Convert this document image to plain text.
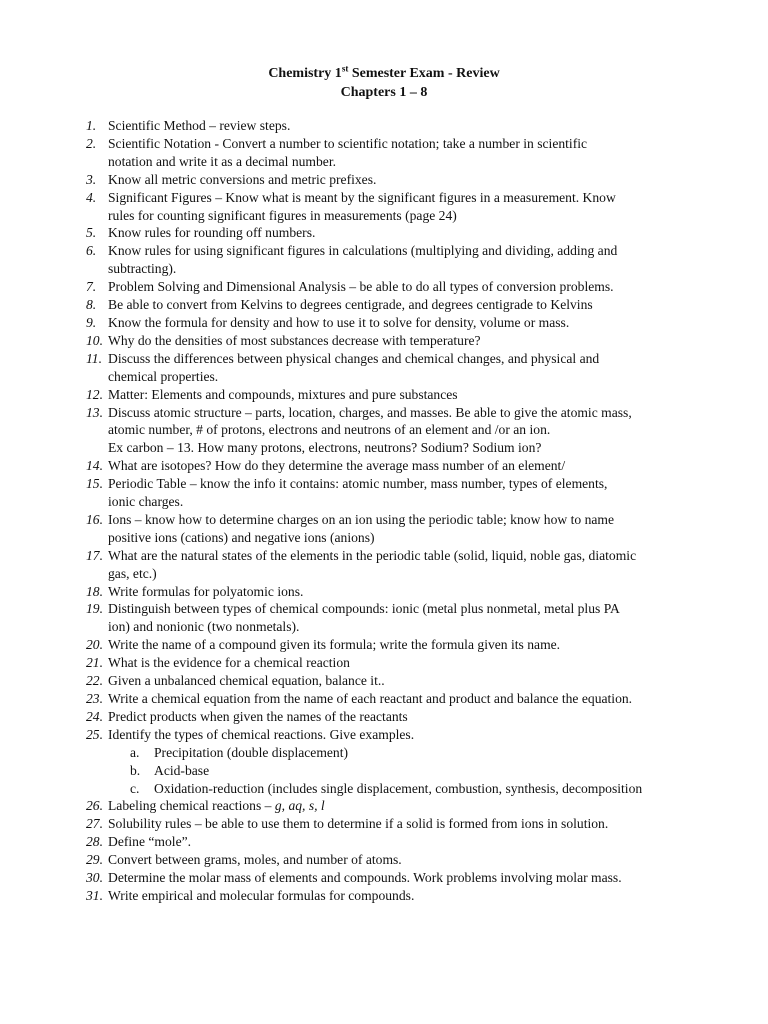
Chemistry 1st Semester Exam - Review
Chapters 1 – 8
1. Scientific Method – review steps.
2. Scientific Notation - Convert a number to scientific notation; take a number in scientific
notation and write it as a decimal number.
3. Know all metric conversions and metric prefixes.
4. Significant Figures – Know what is meant by the significant figures in a measurement. Know
rules for counting significant figures in measurements (page 24)
5. Know rules for rounding off numbers.
6. Know rules for using significant figures in calculations (multiplying and dividing, adding and
subtracting).
7. Problem Solving and Dimensional Analysis – be able to do all types of conversion problems.
8. Be able to convert from Kelvins to degrees centigrade, and degrees centigrade to Kelvins
9. Know the formula for density and how to use it to solve for density, volume or mass.
10. Why do the densities of most substances decrease with temperature?
11. Discuss the differences between physical changes and chemical changes, and physical and
chemical properties.
12. Matter: Elements and compounds, mixtures and pure substances
13. Discuss atomic structure – parts, location, charges, and masses. Be able to give the atomic mass,
atomic number, # of protons, electrons and neutrons of an element and /or an ion.
Ex carbon – 13. How many protons, electrons, neutrons? Sodium? Sodium ion?
14. What are isotopes? How do they determine the average mass number of an element/
15. Periodic Table – know the info it contains: atomic number, mass number, types of elements,
ionic charges.
16. Ions – know how to determine charges on an ion using the periodic table; know how to name
positive ions (cations) and negative ions (anions)
17. What are the natural states of the elements in the periodic table (solid, liquid, noble gas, diatomic
gas, etc.)
18. Write formulas for polyatomic ions.
19. Distinguish between types of chemical compounds: ionic (metal plus nonmetal, metal plus PA
ion) and nonionic (two nonmetals).
20. Write the name of a compound given its formula; write the formula given its name.
21. What is the evidence for a chemical reaction
22. Given a unbalanced chemical equation, balance it..
23. Write a chemical equation from the name of each reactant and product and balance the equation.
24. Predict products when given the names of the reactants
25. Identify the types of chemical reactions. Give examples.
a.	Precipitation (double displacement)
b.	Acid-base
c.	Oxidation-reduction (includes single displacement, combustion, synthesis, decomposition
26. Labeling chemical reactions – g, aq, s, l
27. Solubility rules – be able to use them to determine if a solid is formed from ions in solution.
28. Define “mole”.
29. Convert between grams, moles, and number of atoms.
30. Determine the molar mass of elements and compounds. Work problems involving molar mass.
31. Write empirical and molecular formulas for compounds.
